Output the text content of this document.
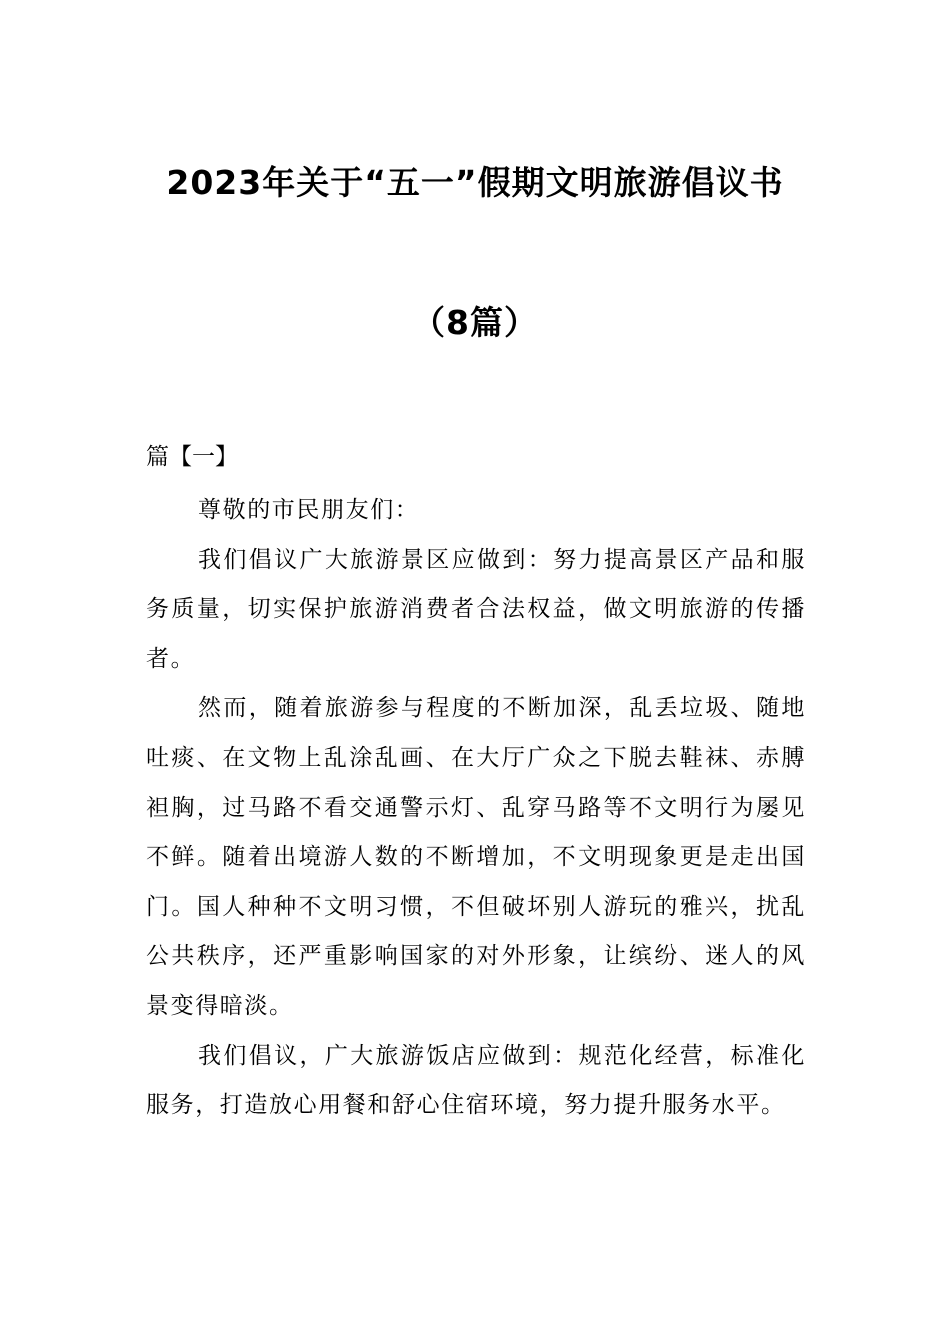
2023年关于“五一”假期文明旅游倡议书
（8篇）
篇【一】

尊敬的市民朋友们：

我们倡议广大旅游景区应做到：努力提高景区产品和服务质量，切实保护旅游消费者合法权益，做文明旅游的传播者。

然而，随着旅游参与程度的不断加深，乱丢垃圾、随地吐痰、在文物上乱涂乱画、在大厅广众之下脱去鞋袜、赤膊袒胸，过马路不看交通警示灯、乱穿马路等不文明行为屡见不鲜。随着出境游人数的不断增加，不文明现象更是走出国门。国人种种不文明习惯，不但破坏别人游玩的雅兴，扰乱公共秩序，还严重影响国家的对外形象，让缤纷、迷人的风景变得暗淡。

我们倡议，广大旅游饭店应做到：规范化经营，标准化服务，打造放心用餐和舒心住宿环境，努力提升服务水平。
